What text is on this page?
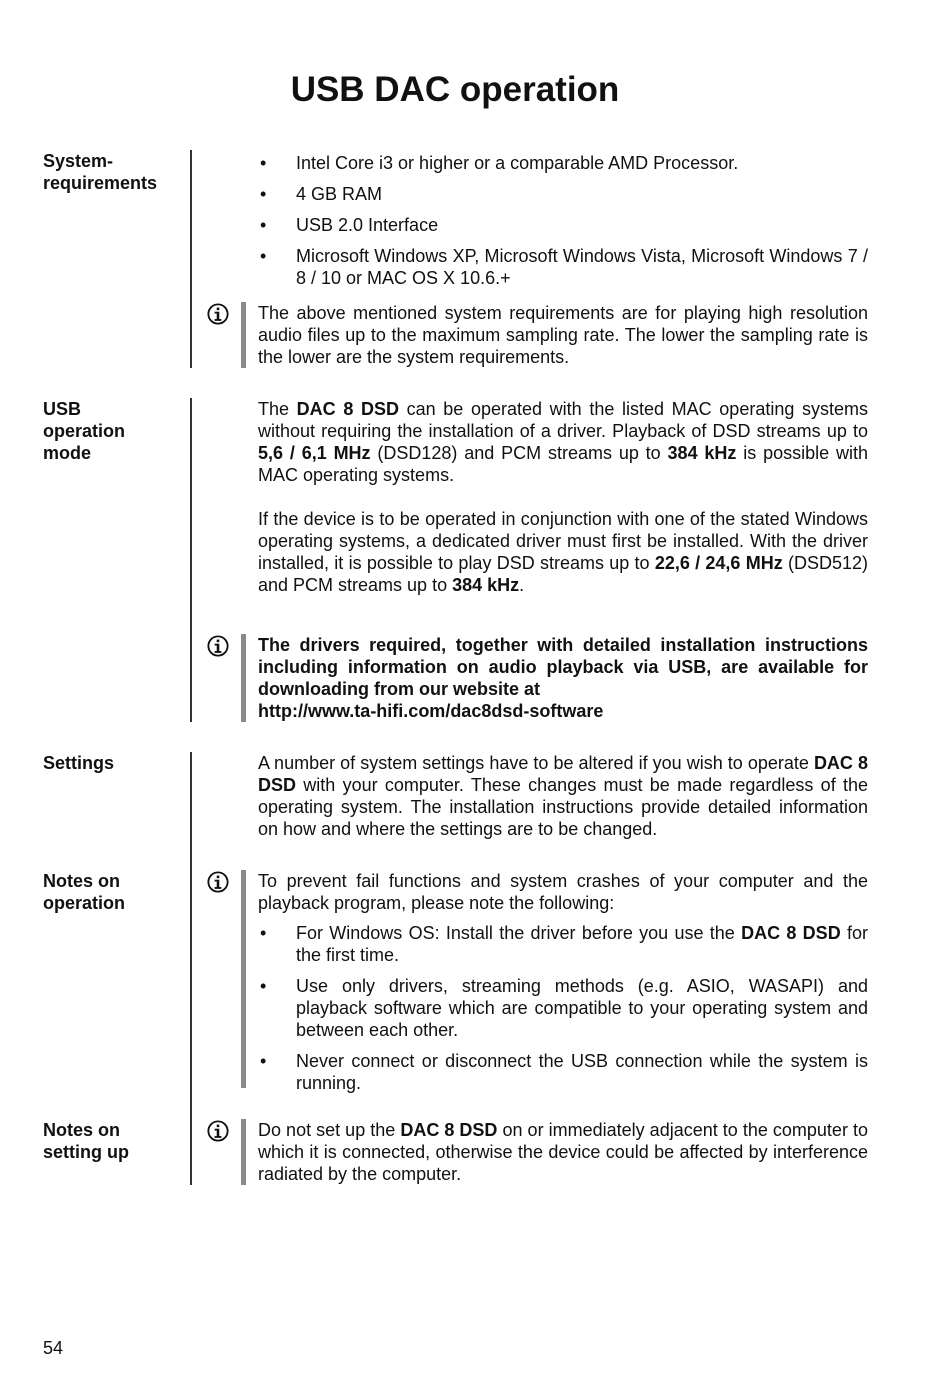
USB DAC operation
System-
requirements
• Intel Core i3 or higher or a comparable AMD Processor.
• 4 GB RAM
• USB 2.0 Interface
• Microsoft Windows XP, Microsoft Windows Vista, Microsoft Windows 7 / 8 / 10 or MAC OS X 10.6.+

The above mentioned system requirements are for playing high resolution audio files up to the maximum sampling rate. The lower the sampling rate is the lower are the system requirements.

USB
operation
mode

The DAC 8 DSD can be operated with the listed MAC operating systems without requiring the installation of a driver. Playback of DSD streams up to 5,6 / 6,1 MHz (DSD128) and PCM streams up to 384 kHz is possible with MAC operating systems.

If the device is to be operated in conjunction with one of the stated Windows operating systems, a dedicated driver must first be installed. With the driver installed, it is possible to play DSD streams up to 22,6 / 24,6 MHz (DSD512) and PCM streams up to 384 kHz.

The drivers required, together with detailed installation instructions including information on audio playback via USB, are available for downloading from our website at

http://www.ta-hifi.com/dac8dsd-software

Settings	A number of system settings have to be altered if you wish to operate DAC 8 DSD with your computer. These changes must be made regardless of the operating system. The installation instructions provide detailed information on how and where the settings are to be changed.

Notes on
operation

To prevent fail functions and system crashes of your computer and the playback program, please note the following:

• For Windows OS: Install the driver before you use the DAC 8 DSD for the first time.
• Use only drivers, streaming methods (e.g. ASIO, WASAPI) and playback software which are compatible to your operating system and between each other.
• Never connect or disconnect the USB connection while the system is running.
Notes on
setting up

Do not set up the DAC 8 DSD on or immediately adjacent to the computer to which it is connected, otherwise the device could be affected by interference radiated by the computer.

54
